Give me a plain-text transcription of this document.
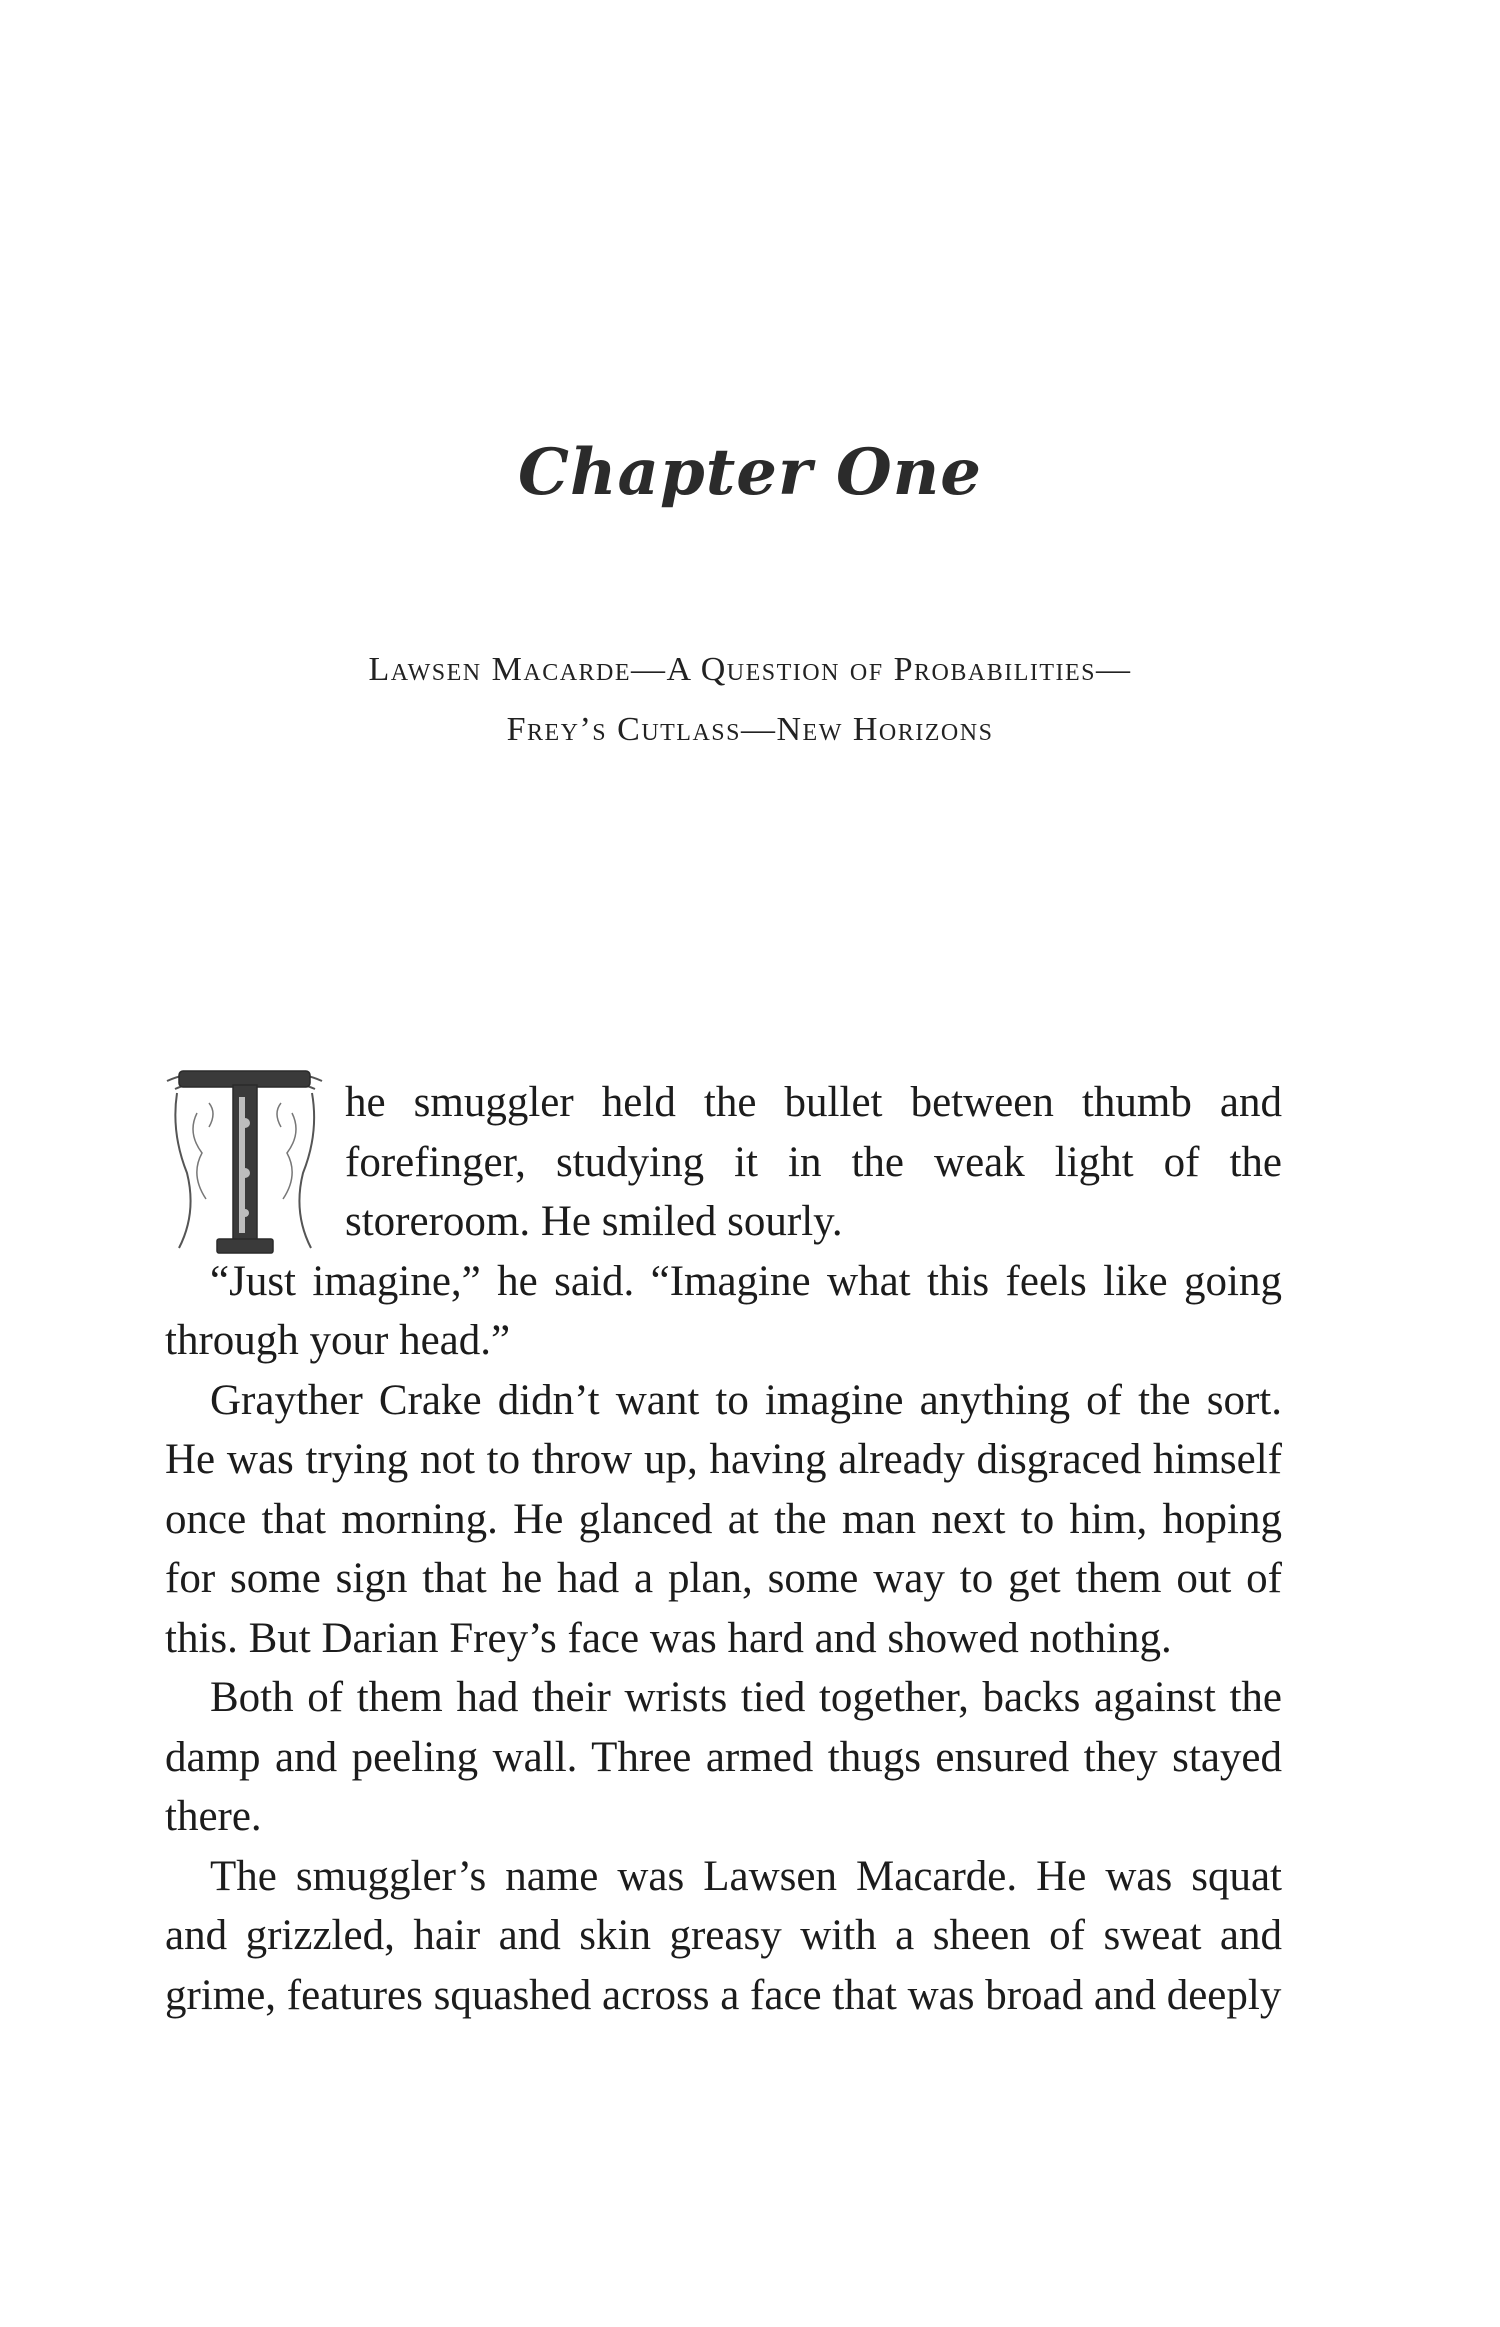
Chapter One
Lawsen Macarde—A Question of Probabilities—
Frey’s Cutlass—New Horizons

he smuggler held the bullet between thumb and forefinger, studying it in the weak light of the storeroom. He smiled sourly.

“Just imagine,” he said. “Imagine what this feels like going through your head.”

Grayther Crake didn’t want to imagine anything of the sort. He was trying not to throw up, having already disgraced himself once that morning. He glanced at the man next to him, hoping for some sign that he had a plan, some way to get them out of this. But Darian Frey’s face was hard and showed nothing.

Both of them had their wrists tied together, backs against the damp and peeling wall. Three armed thugs ensured they stayed there.

The smuggler’s name was Lawsen Macarde. He was squat and grizzled, hair and skin greasy with a sheen of sweat and grime, features squashed across a face that was broad and deeply
